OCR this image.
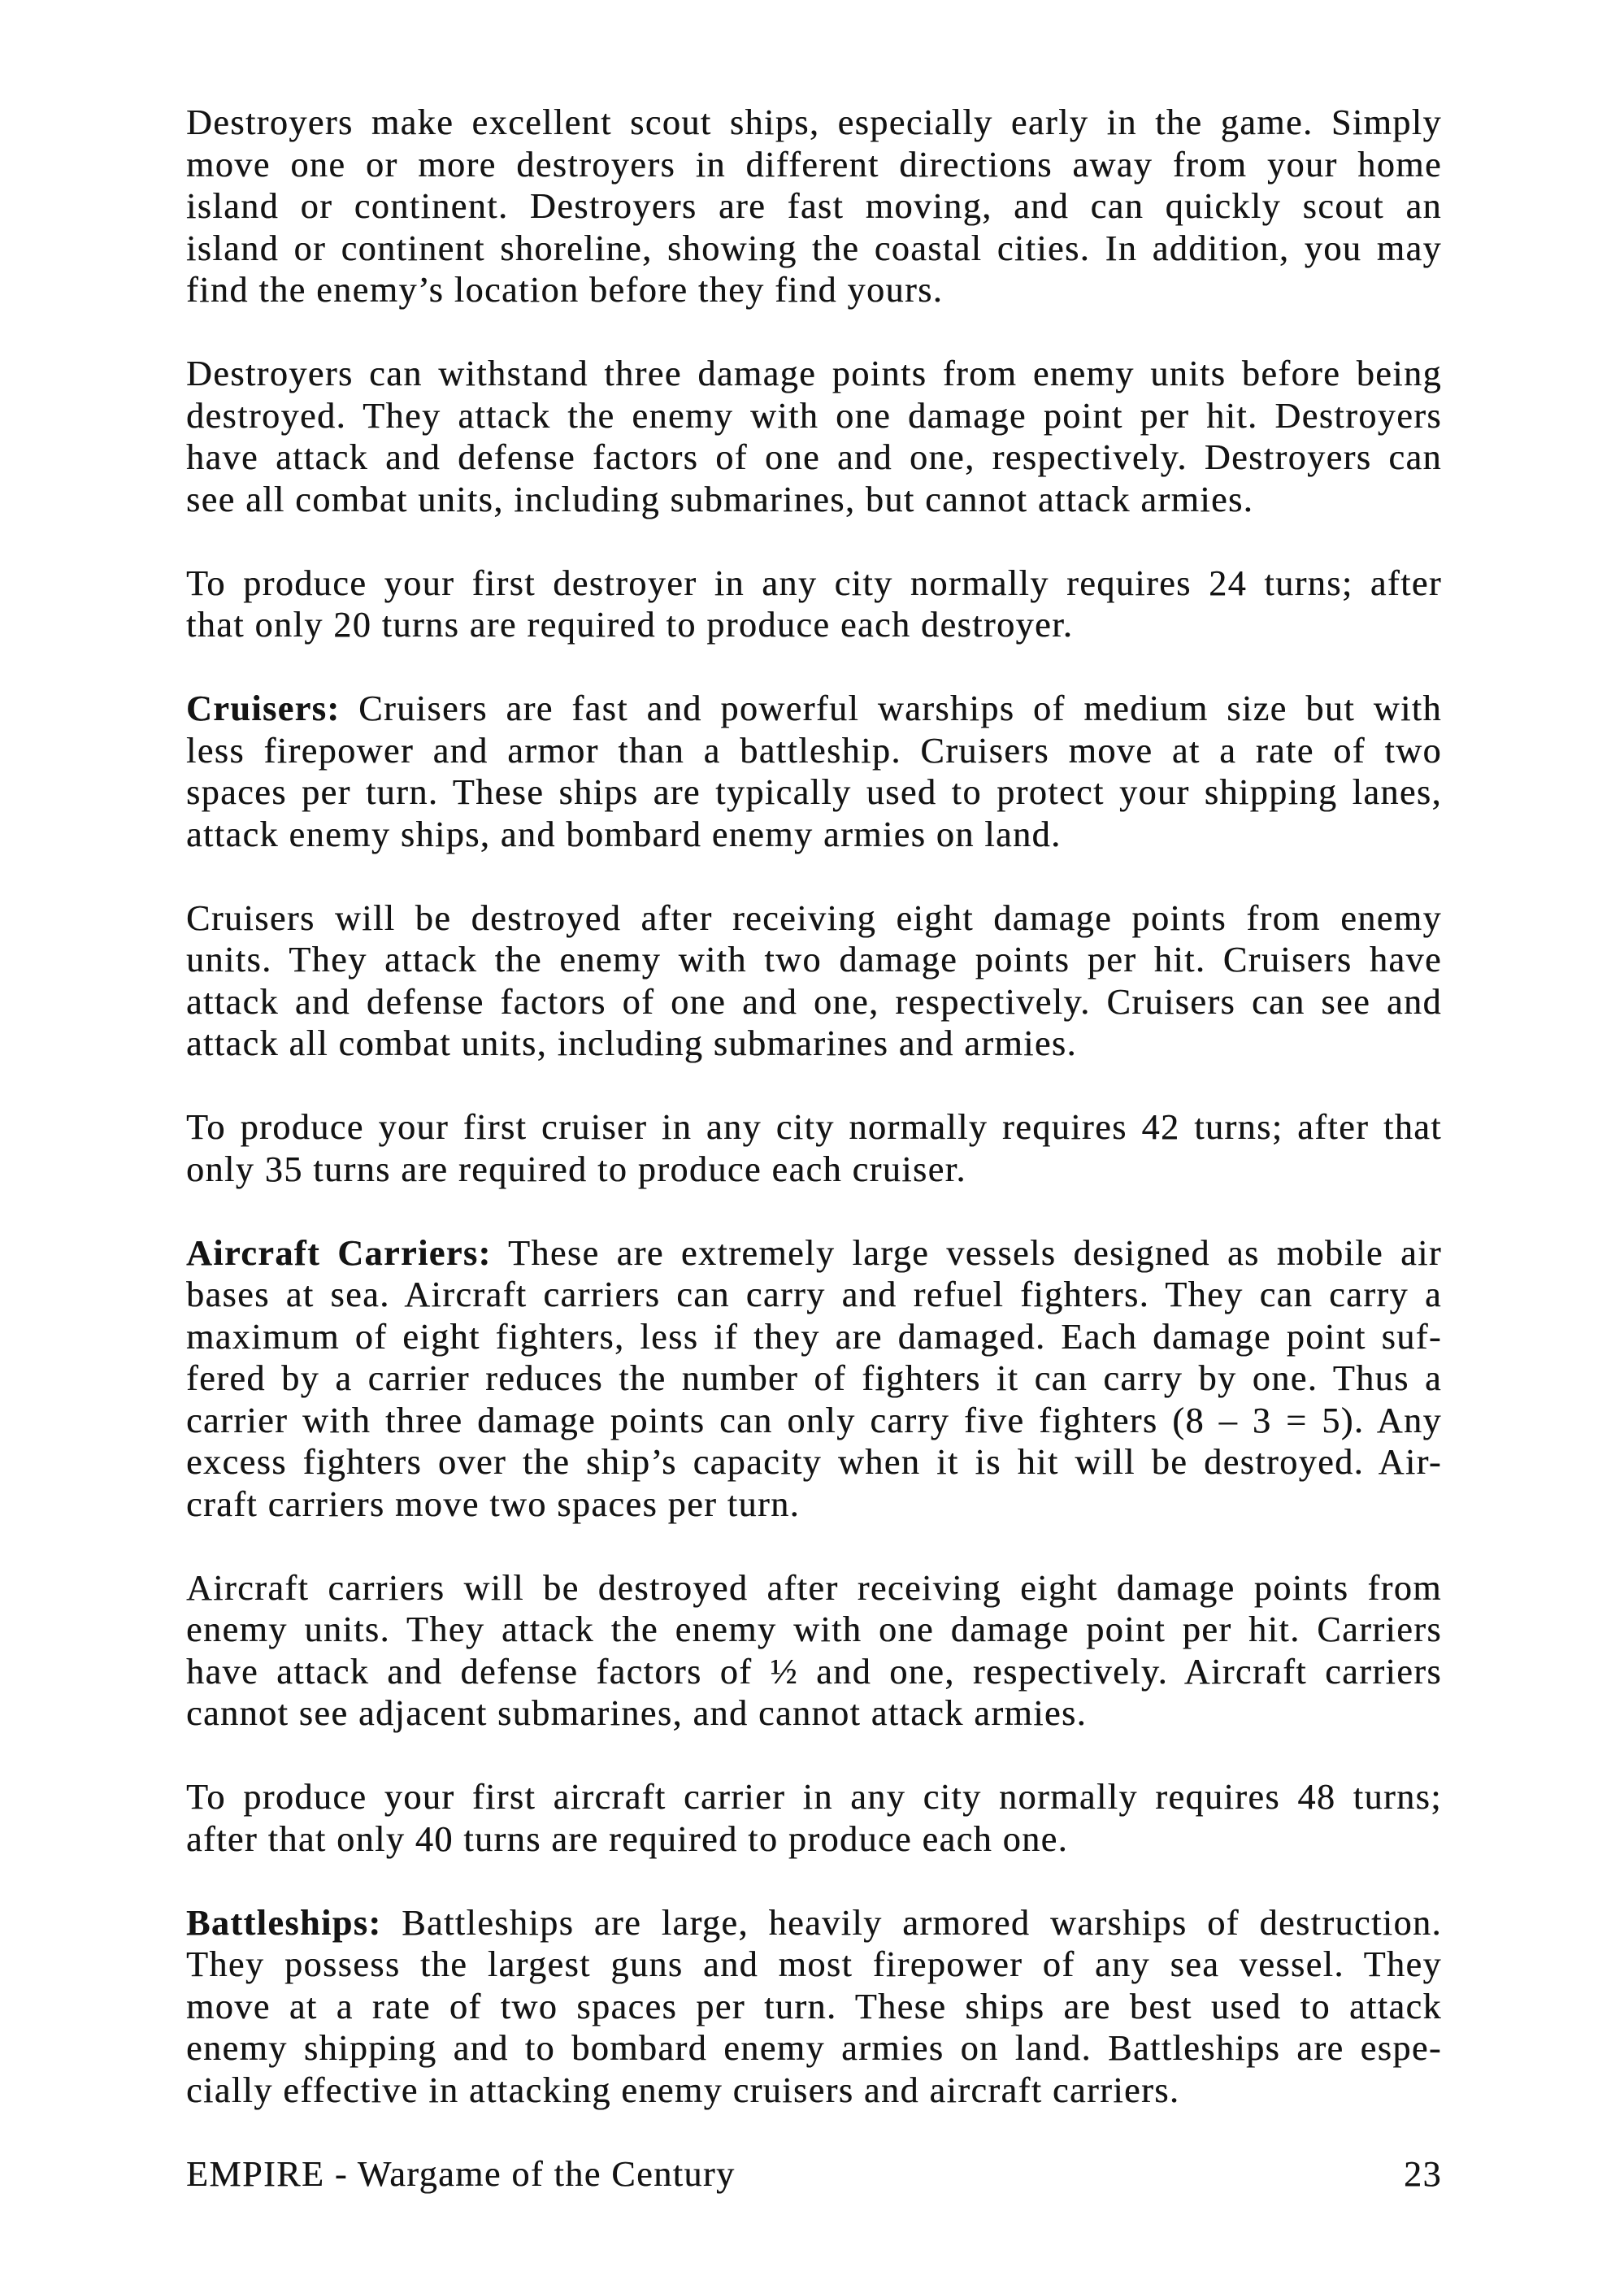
Destroyers make excellent scout ships, especially early in the game. Simply
move one or more destroyers in different directions away from your home
island or continent. Destroyers are fast moving, and can quickly scout an
island or continent shoreline, showing the coastal cities. In addition, you may
find the enemy’s location before they find yours.

Destroyers can withstand three damage points from enemy units before being
destroyed. They attack the enemy with one damage point per hit. Destroyers
have attack and defense factors of one and one, respectively. Destroyers can
see all combat units, including submarines, but cannot attack armies.

To produce your first destroyer in any city normally requires 24 turns; after
that only 20 turns are required to produce each destroyer.

Cruisers: Cruisers are fast and powerful warships of medium size but with
less firepower and armor than a battleship. Cruisers move at a rate of two
spaces per turn. These ships are typically used to protect your shipping lanes,
attack enemy ships, and bombard enemy armies on land.

Cruisers will be destroyed after receiving eight damage points from enemy
units. They attack the enemy with two damage points per hit. Cruisers have
attack and defense factors of one and one, respectively. Cruisers can see and
attack all combat units, including submarines and armies.

To produce your first cruiser in any city normally requires 42 turns; after that
only 35 turns are required to produce each cruiser.

Aircraft Carriers: These are extremely large vessels designed as mobile air
bases at sea. Aircraft carriers can carry and refuel fighters. They can carry a
maximum of eight fighters, less if they are damaged. Each damage point suf-
fered by a carrier reduces the number of fighters it can carry by one. Thus a
carrier with three damage points can only carry five fighters (8 – 3 = 5). Any
excess fighters over the ship’s capacity when it is hit will be destroyed. Air-
craft carriers move two spaces per turn.

Aircraft carriers will be destroyed after receiving eight damage points from
enemy units. They attack the enemy with one damage point per hit. Carriers
have attack and defense factors of ½ and one, respectively. Aircraft carriers
cannot see adjacent submarines, and cannot attack armies.

To produce your first aircraft carrier in any city normally requires 48 turns;
after that only 40 turns are required to produce each one.

Battleships: Battleships are large, heavily armored warships of destruction.
They possess the largest guns and most firepower of any sea vessel. They
move at a rate of two spaces per turn. These ships are best used to attack
enemy shipping and to bombard enemy armies on land. Battleships are espe-
cially effective in attacking enemy cruisers and aircraft carriers.

EMPIRE - Wargame of the Century	23
